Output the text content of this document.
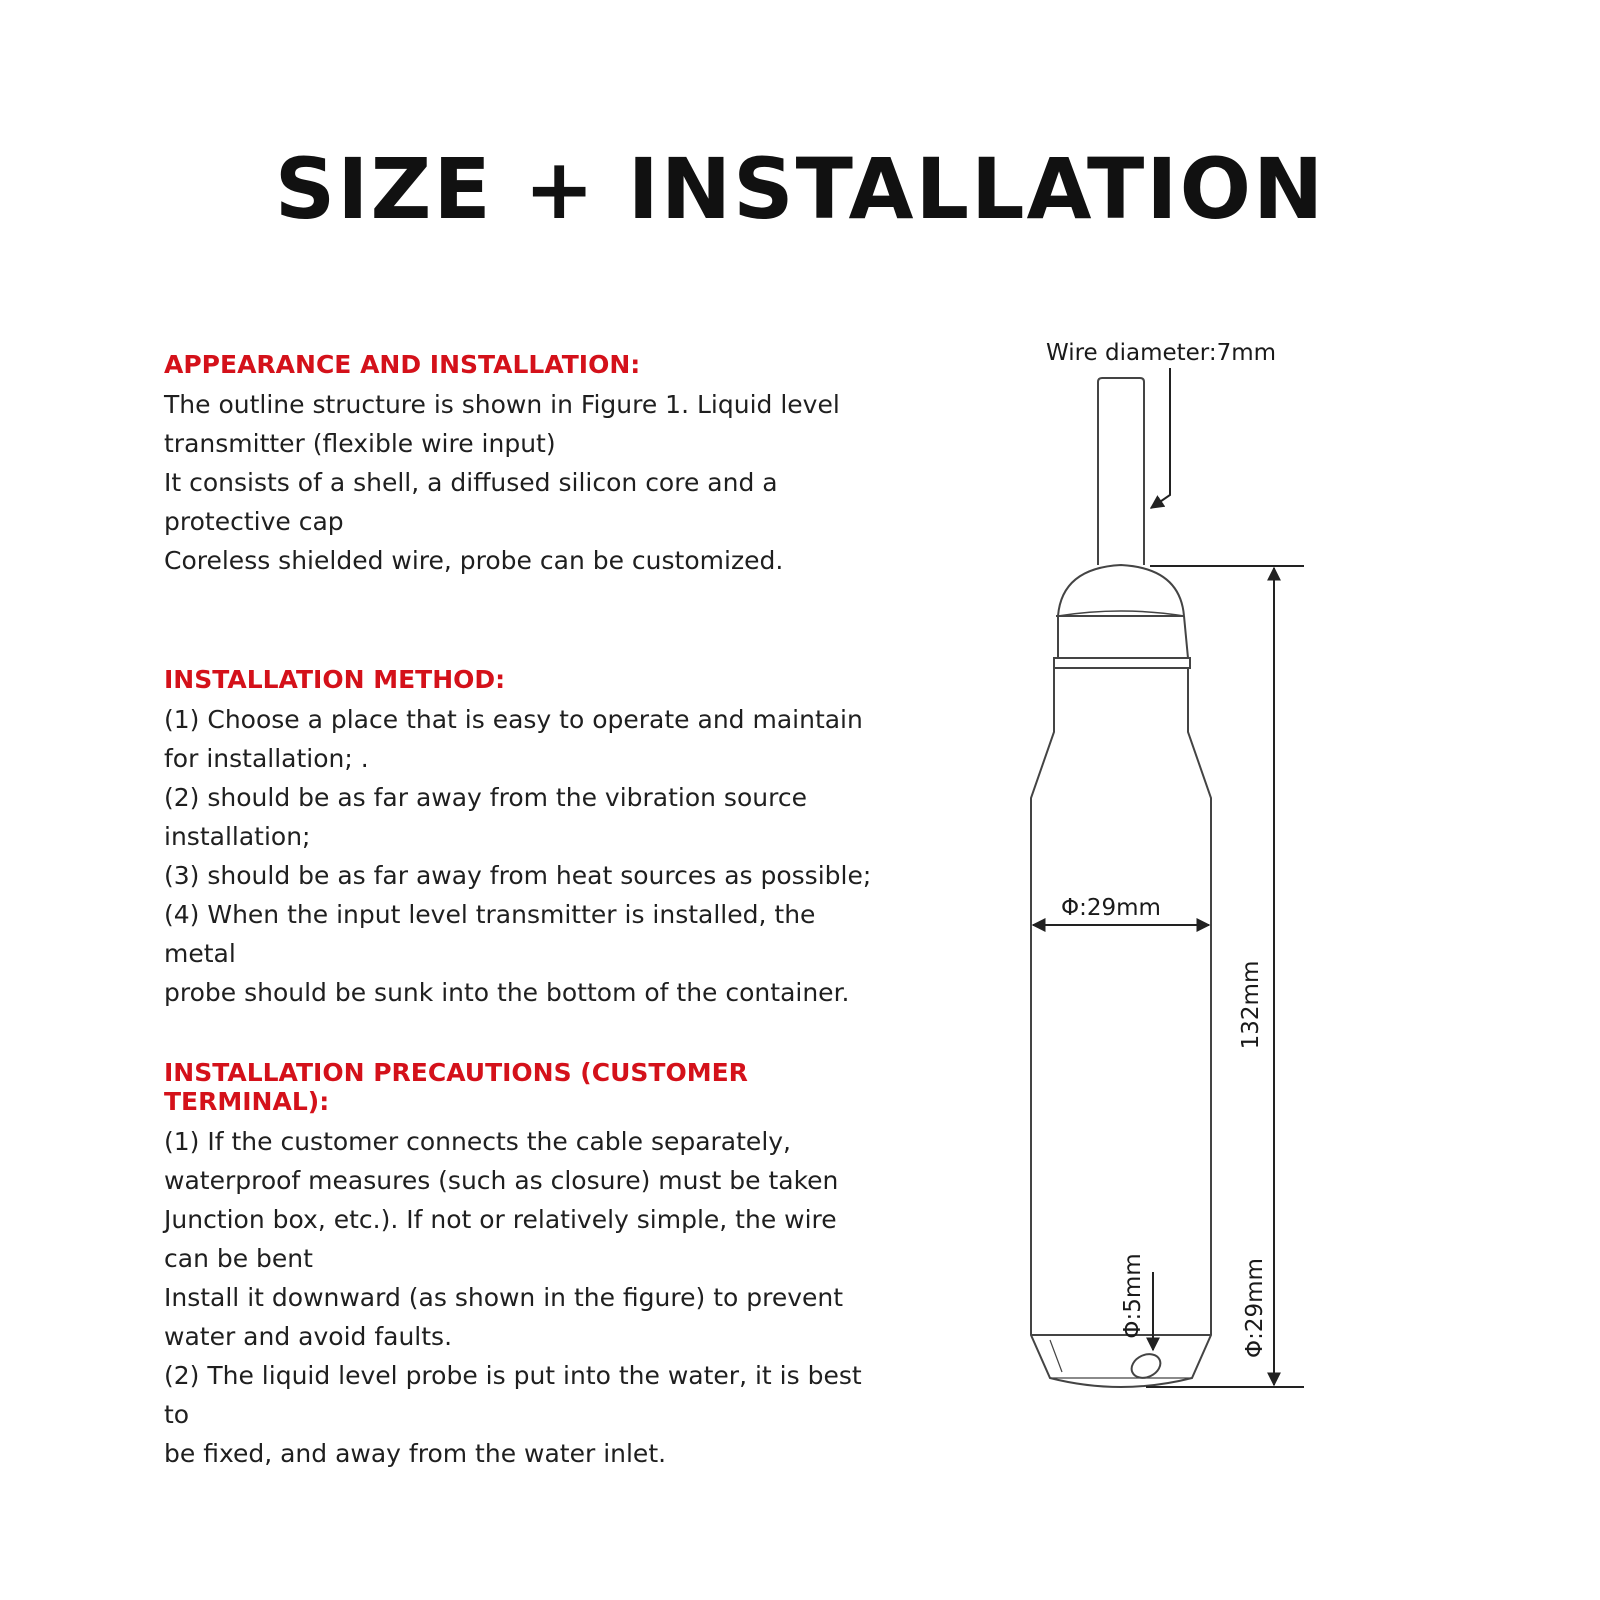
SIZE + INSTALLATION
APPEARANCE AND INSTALLATION:

The outline structure is shown in Figure 1. Liquid level

transmitter (flexible wire input)

It consists of a shell, a diffused silicon core and a

protective cap

Coreless shielded wire, probe can be customized.

INSTALLATION METHOD:

(1) Choose a place that is easy to operate and maintain

for installation; .

(2) should be as far away from the vibration source

installation;

(3) should be as far away from heat sources as possible;

(4) When the input level transmitter is installed, the metal

probe should be sunk into the bottom of the container.

INSTALLATION PRECAUTIONS (CUSTOMER TERMINAL):

(1) If the customer connects the cable separately,

waterproof measures (such as closure) must be taken

Junction box, etc.). If not or relatively simple, the wire

can be bent

Install it downward (as shown in the figure) to prevent

water and avoid faults.

(2) The liquid level probe is put into the water, it is best to

be fixed, and away from the water inlet.

Wire diameter:7mm
Φ:29mm
132mm
Φ:5mm	Φ:29mm
